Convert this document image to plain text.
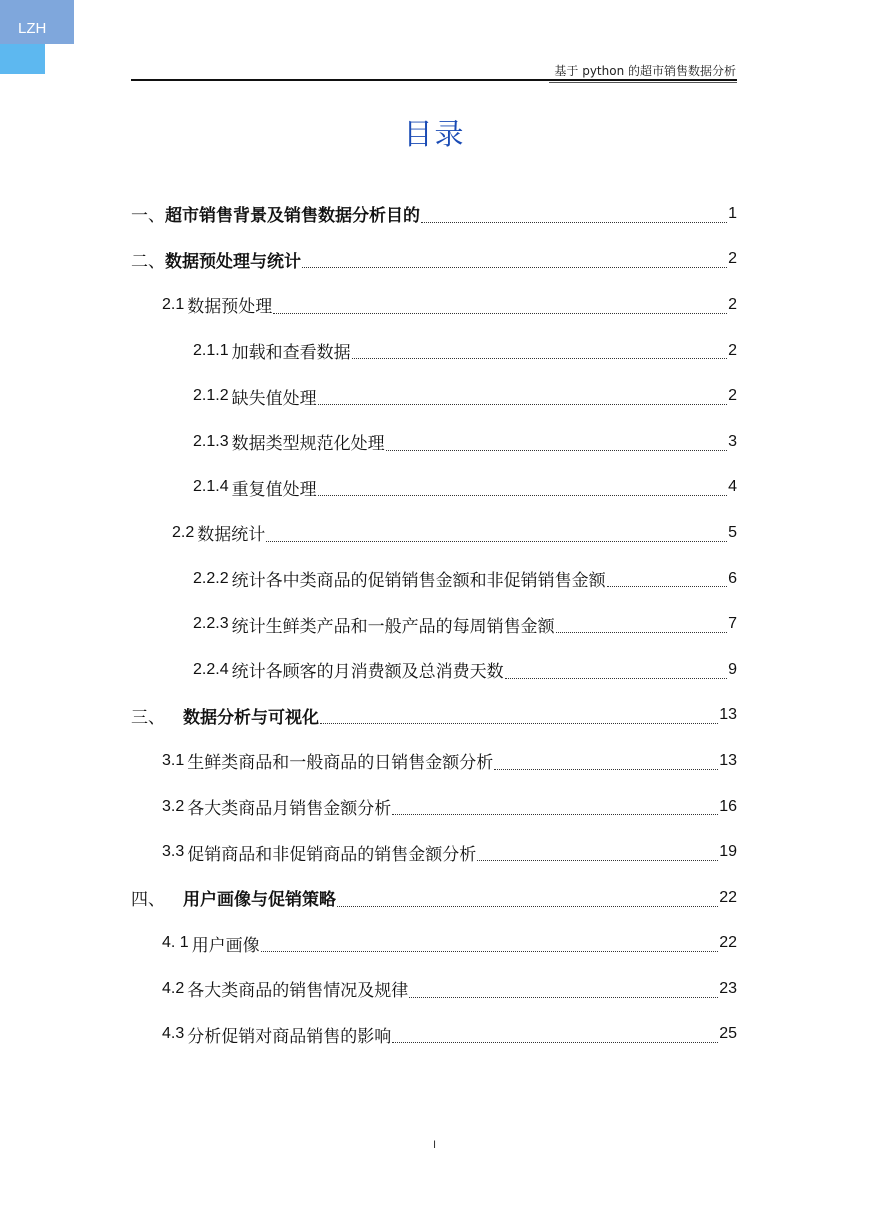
LZH
基于 python 的超市销售数据分析
目录
一、 超市销售背景及销售数据分析目的	1
二、 数据预处理与统计	2
2.1 数据预处理	2
2.1.1 加载和查看数据	2
2.1.2 缺失值处理	2
2.1.3 数据类型规范化处理	3
2.1.4 重复值处理	4
2.2 数据统计	5
2.2.2 统计各中类商品的促销销售金额和非促销销售金额	6
2.2.3 统计生鲜类产品和一般产品的每周销售金额	7
2.2.4 统计各顾客的月消费额及总消费天数	9
三、 数据分析与可视化	13
3.1 生鲜类商品和一般商品的日销售金额分析	13
3.2 各大类商品月销售金额分析	16
3.3 促销商品和非促销商品的销售金额分析	19
四、 用户画像与促销策略	22
4. 1 用户画像	22
4.2 各大类商品的销售情况及规律	23
4.3 分析促销对商品销售的影响	25
I
